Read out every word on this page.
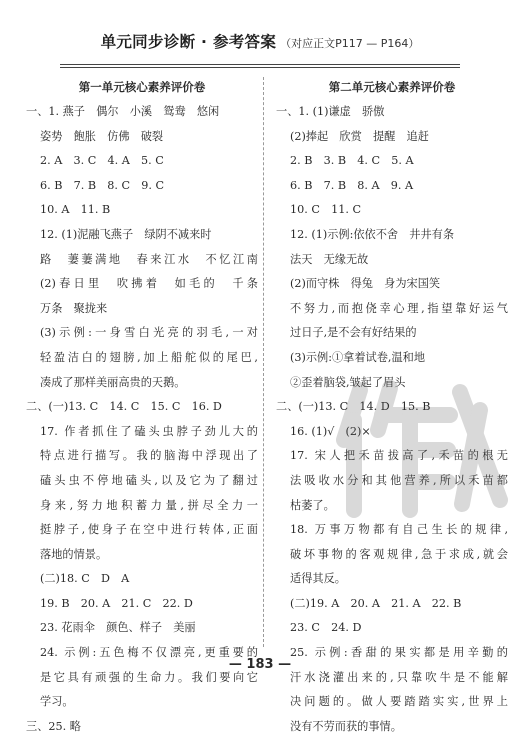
单元同步诊断 · 参考答案 （对应正文P117 — P164）
第一单元核心素养评价卷
一、1. 燕子　偶尔　小溪　鸳鸯　悠闲
姿势　飽胀　仿佛　破裂
2. A　3. C　4. A　5. C
6. B　7. B　8. C　9. C
10. A　11. B
12. (1)泥融飞燕子　绿阴不减来时
路　萋萋满地　春来江水　不忆江南
(2)春日里　吹拂着　如毛的　千条
万条　聚拢来
(3)示例:一身雪白光亮的羽毛,一对
轻盈洁白的翅膀,加上船舵似的尾巴,
凑成了那样美丽高贵的天鹅。
二、(一)13. C　14. C　15. C　16. D
17. 作者抓住了磕头虫脖子劲儿大的
特点进行描写。我的脑海中浮现出了
磕头虫不停地磕头,以及它为了翻过
身来,努力地积蓄力量,拼尽全力一
挺脖子,使身子在空中进行转体,正面
落地的情景。
(二)18. C　D　A
19. B　20. A　21. C　22. D
23. 花雨伞　颜色、样子　美丽
24. 示例:五色梅不仅漂亮,更重要的
是它具有顽强的生命力。我们要向它
学习。
三、25. 略
第二单元核心素养评价卷
一、1. (1)谦虚　骄傲
(2)捧起　欣赏　提醒　追赶
2. B　3. B　4. C　5. A
6. B　7. B　8. A　9. A
10. C　11. C
12. (1)示例:依依不舍　井井有条
法天　无缘无故
(2)而守株　得兔　身为宋国笑
不努力,而抱侥幸心理,指望靠好运气
过日子,是不会有好结果的
(3)示例:①拿着试卷,温和地
②歪着脑袋,皱起了眉头
二、(一)13. C　14. D　15. B
16. (1)√　(2)×
17. 宋人把禾苗拔高了,禾苗的根无
法吸收水分和其他营养,所以禾苗都
枯萎了。
18. 万事万物都有自己生长的规律,
破坏事物的客观规律,急于求成,就会
适得其反。
(二)19. A　20. A　21. A　22. B
23. C　24. D
25. 示例:香甜的果实都是用辛勤的
汗水浇灌出来的,只靠吹牛是不能解
决问题的。做人要踏踏实实,世界上
没有不劳而获的事情。
— 183 —
